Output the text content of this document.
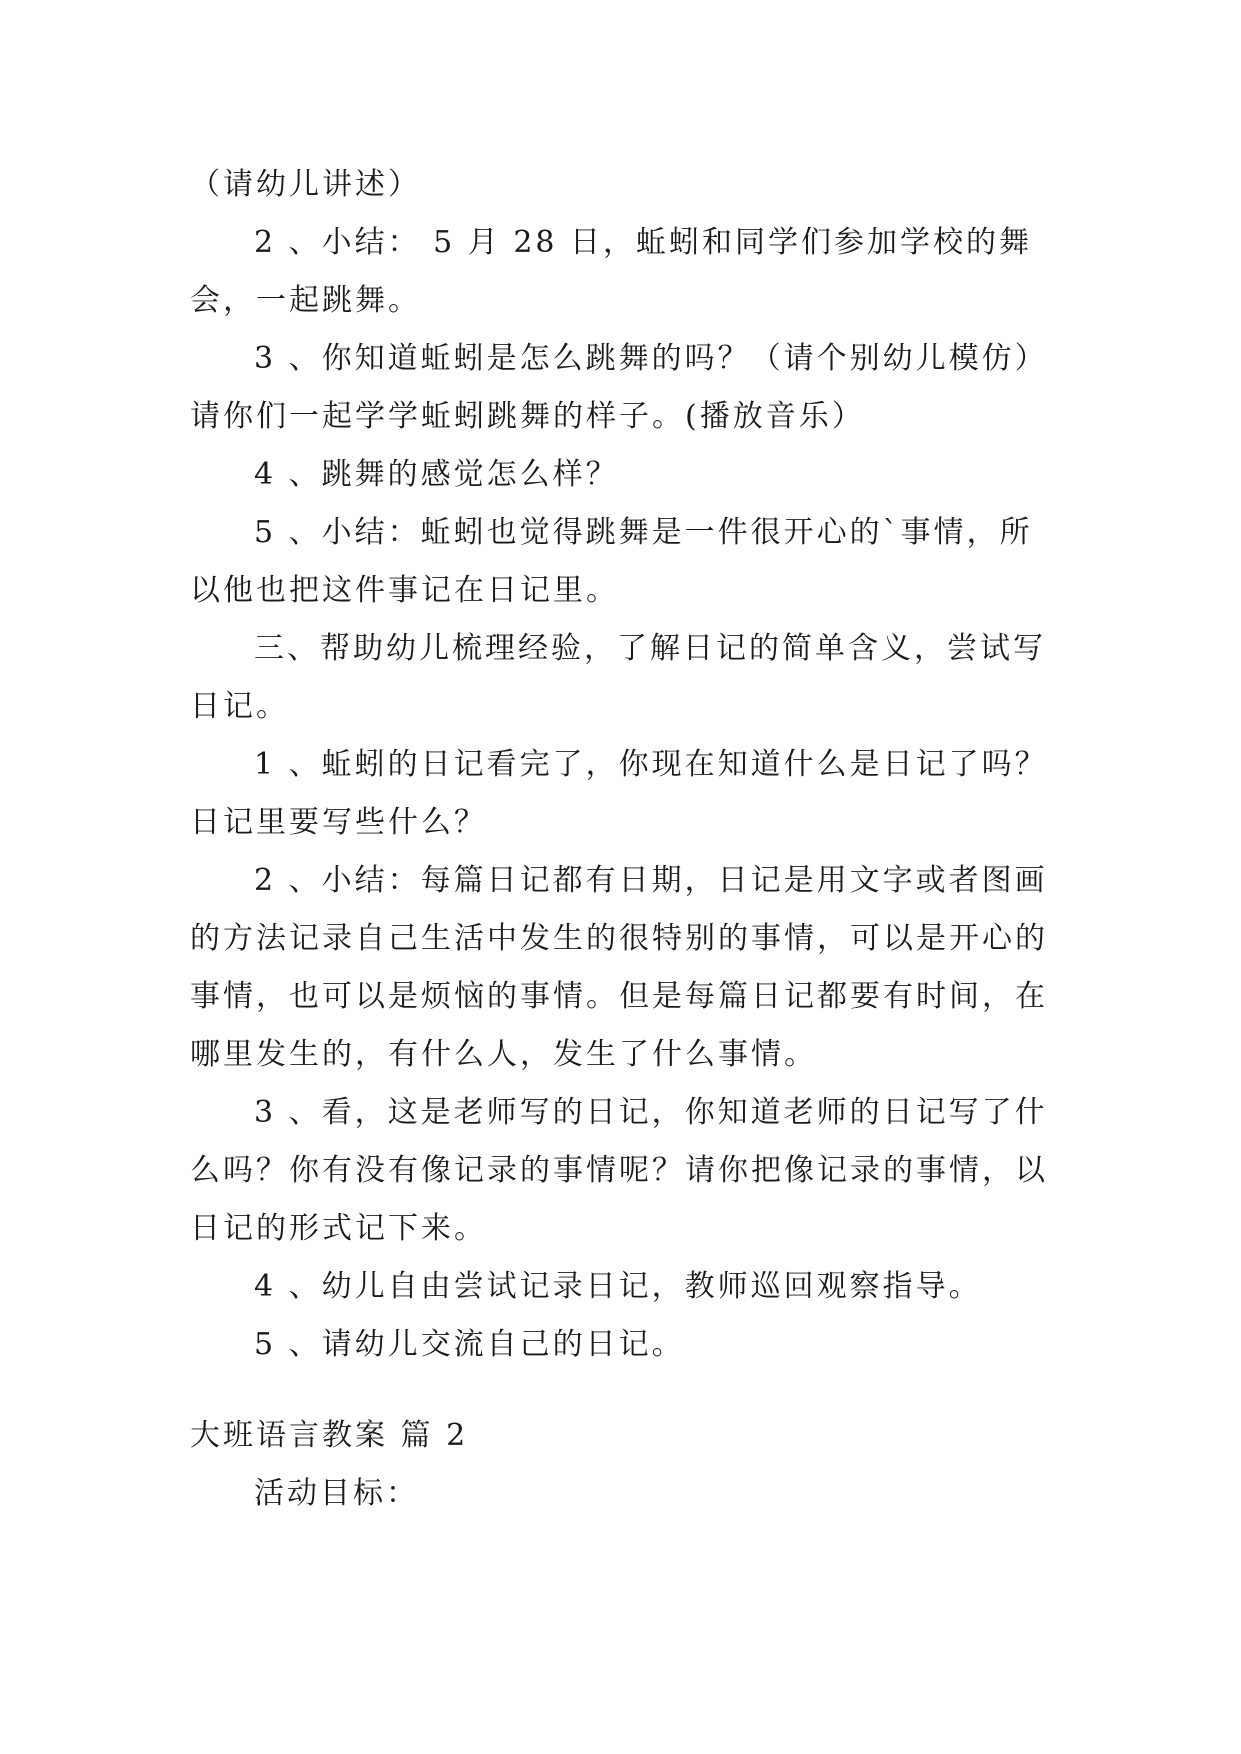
（请幼儿讲述）
2 、小结： 5 月 28 日，蚯蚓和同学们参加学校的舞
会，一起跳舞。
3 、你知道蚯蚓是怎么跳舞的吗？（请个别幼儿模仿）
请你们一起学学蚯蚓跳舞的样子。(播放音乐）
4 、跳舞的感觉怎么样？
5 、小结：蚯蚓也觉得跳舞是一件很开心的`事情，所
以他也把这件事记在日记里。
三、帮助幼儿梳理经验，了解日记的简单含义，尝试写
日记。
1 、蚯蚓的日记看完了，你现在知道什么是日记了吗？
日记里要写些什么？
2 、小结：每篇日记都有日期，日记是用文字或者图画
的方法记录自己生活中发生的很特别的事情，可以是开心的
事情，也可以是烦恼的事情。但是每篇日记都要有时间，在
哪里发生的，有什么人，发生了什么事情。
3 、看，这是老师写的日记，你知道老师的日记写了什
么吗？你有没有像记录的事情呢？请你把像记录的事情，以
日记的形式记下来。
4 、幼儿自由尝试记录日记，教师巡回观察指导。
5 、请幼儿交流自己的日记。
大班语言教案 篇 2
活动目标：
